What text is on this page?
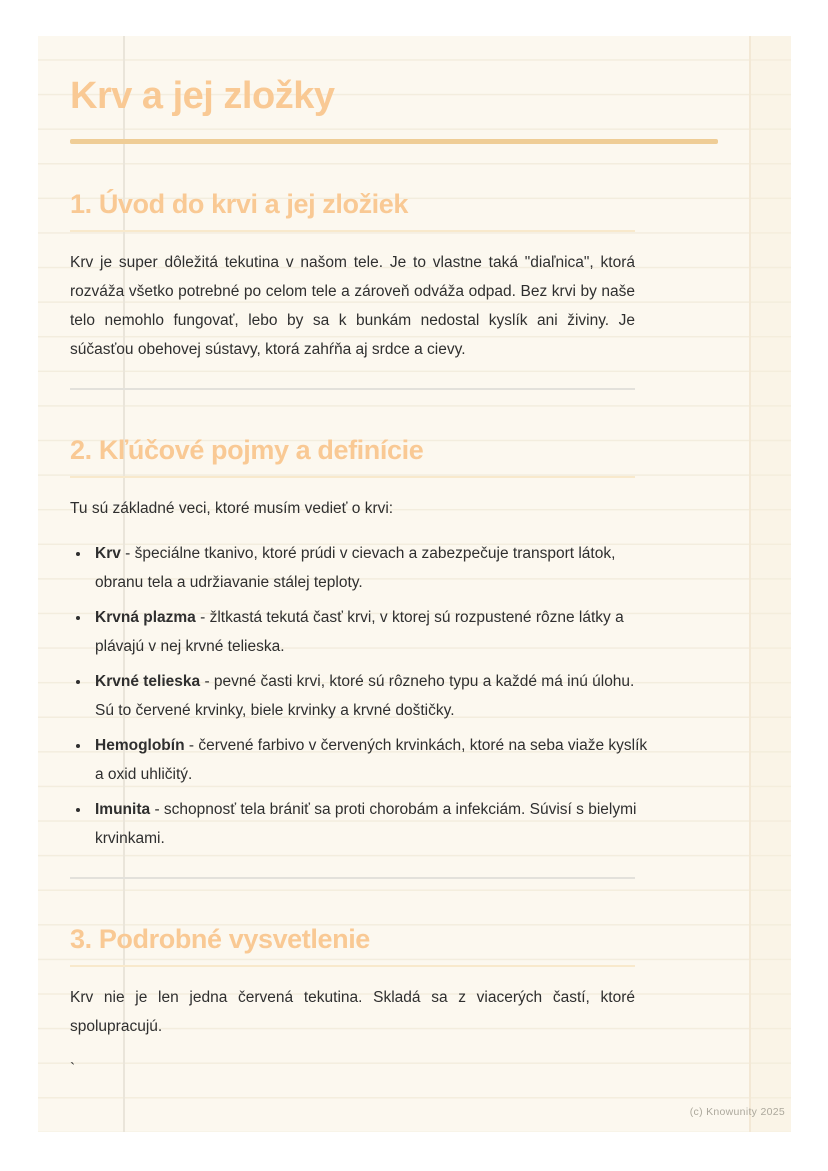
Krv a jej zložky
1. Úvod do krvi a jej zložiek

Krv je super dôležitá tekutina v našom tele. Je to vlastne taká "diaľnica", ktorá rozváža všetko potrebné po celom tele a zároveň odváža odpad. Bez krvi by naše telo nemohlo fungovať, lebo by sa k bunkám nedostal kyslík ani živiny. Je súčasťou obehovej sústavy, ktorá zahŕňa aj srdce a cievy.

2. Kľúčové pojmy a definície

Tu sú základné veci, ktoré musím vedieť o krvi:

• Krv - špeciálne tkanivo, ktoré prúdi v cievach a zabezpečuje transport látok, obranu tela a udržiavanie stálej teploty.
• Krvná plazma - žltkastá tekutá časť krvi, v ktorej sú rozpustené rôzne látky a plávajú v nej krvné telieska.
• Krvné telieska - pevné časti krvi, ktoré sú rôzneho typu a každé má inú úlohu. Sú to červené krvinky, biele krvinky a krvné doštičky.
• Hemoglobín - červené farbivo v červených krvinkách, ktoré na seba viaže kyslík a oxid uhličitý.
• Imunita - schopnosť tela brániť sa proti chorobám a infekciám. Súvisí s bielymi krvinkami.
3. Podrobné vysvetlenie

Krv nie je len jedna červená tekutina. Skladá sa z viacerých častí, ktoré spolupracujú.

`

(c) Knowunity 2025
